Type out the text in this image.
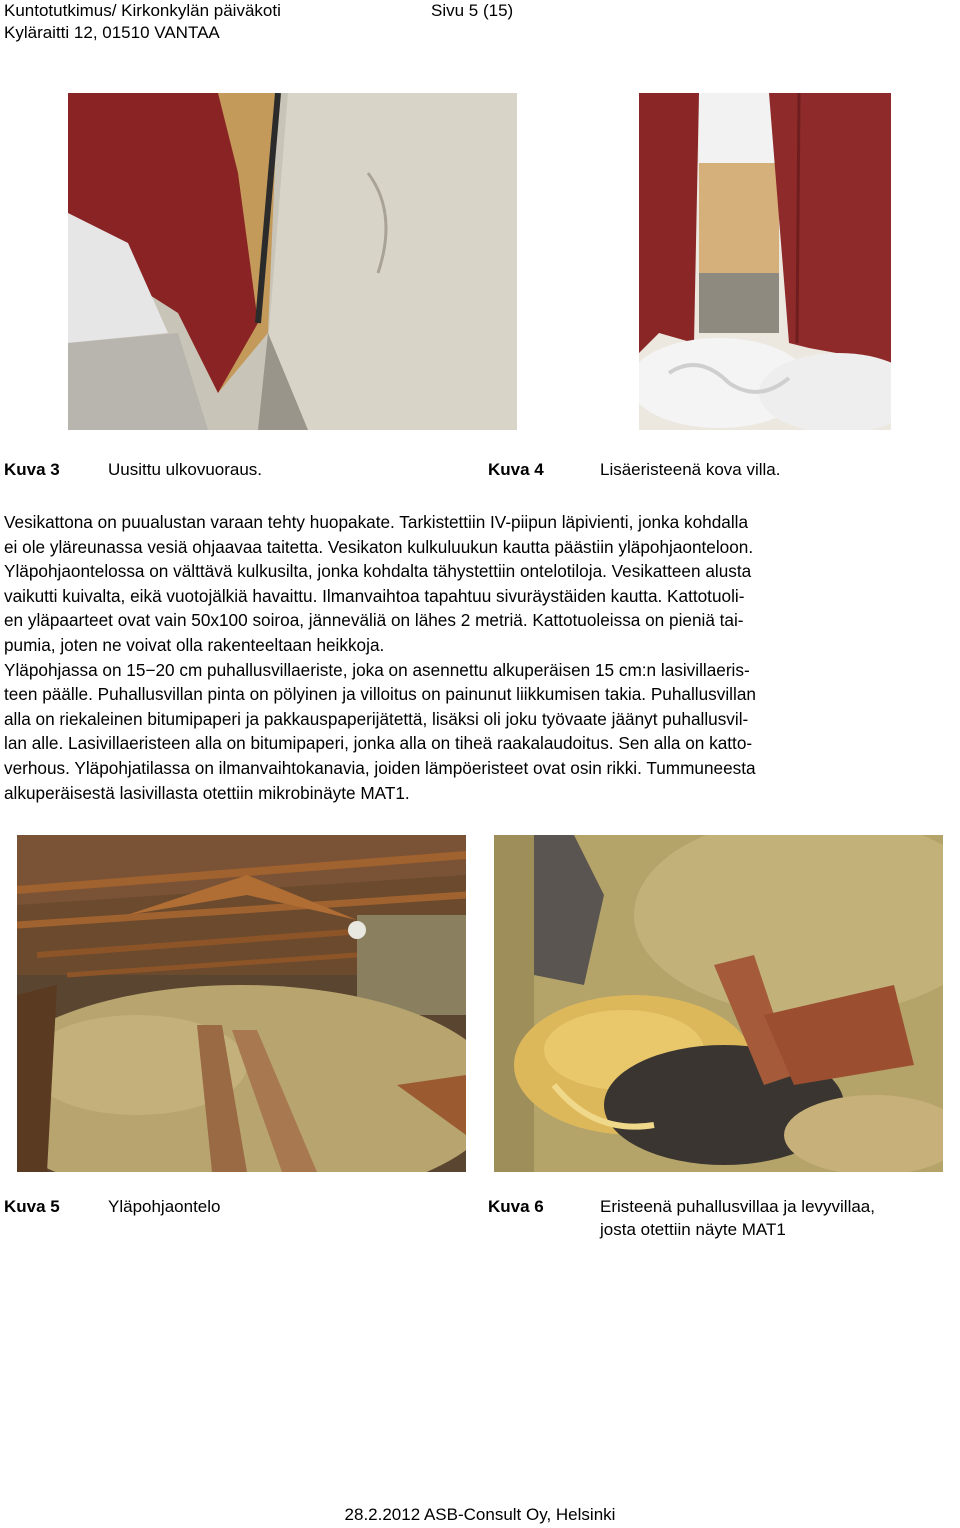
Kuntotutkimus/ Kirkonkylän päiväkoti
Kyläraitti 12, 01510 VANTAA
Sivu 5 (15)
Kuva 3	Uusittu ulkovuoraus.	Kuva 4	Lisäeristeenä kova villa.
Vesikattona on puualustan varaan tehty huopakate. Tarkistettiin IV-piipun läpivienti, jonka kohdalla
ei ole yläreunassa vesiä ohjaavaa taitetta. Vesikaton kulkuluukun kautta päästiin yläpohjaonteloon.
Yläpohjaontelossa on välttävä kulkusilta, jonka kohdalta tähystettiin ontelotiloja. Vesikatteen alusta
vaikutti kuivalta, eikä vuotojälkiä havaittu. Ilmanvaihtoa tapahtuu sivuräystäiden kautta. Kattotuoli-
en yläpaarteet ovat vain 50x100 soiroa, jänneväliä on lähes 2 metriä. Kattotuoleissa on pieniä tai-
pumia, joten ne voivat olla rakenteeltaan heikkoja.
Yläpohjassa on 15−20 cm puhallusvillaeriste, joka on asennettu alkuperäisen 15 cm:n lasivillaeris-
teen päälle. Puhallusvillan pinta on pölyinen ja villoitus on painunut liikkumisen takia. Puhallusvillan
alla on riekaleinen bitumipaperi ja pakkauspaperijätettä, lisäksi oli joku työvaate jäänyt puhallusvil-
lan alle. Lasivillaeristeen alla on bitumipaperi, jonka alla on tiheä raakalaudoitus. Sen alla on katto-
verhous. Yläpohjatilassa on ilmanvaihtokanavia, joiden lämpöeristeet ovat osin rikki. Tummuneesta
alkuperäisestä lasivillasta otettiin mikrobinäyte MAT1.
Kuva 5	Yläpohjaontelo	Kuva 6	Eristeenä puhallusvillaa ja levyvillaa,
josta otettiin näyte MAT1
28.2.2012 ASB-Consult Oy, Helsinki
